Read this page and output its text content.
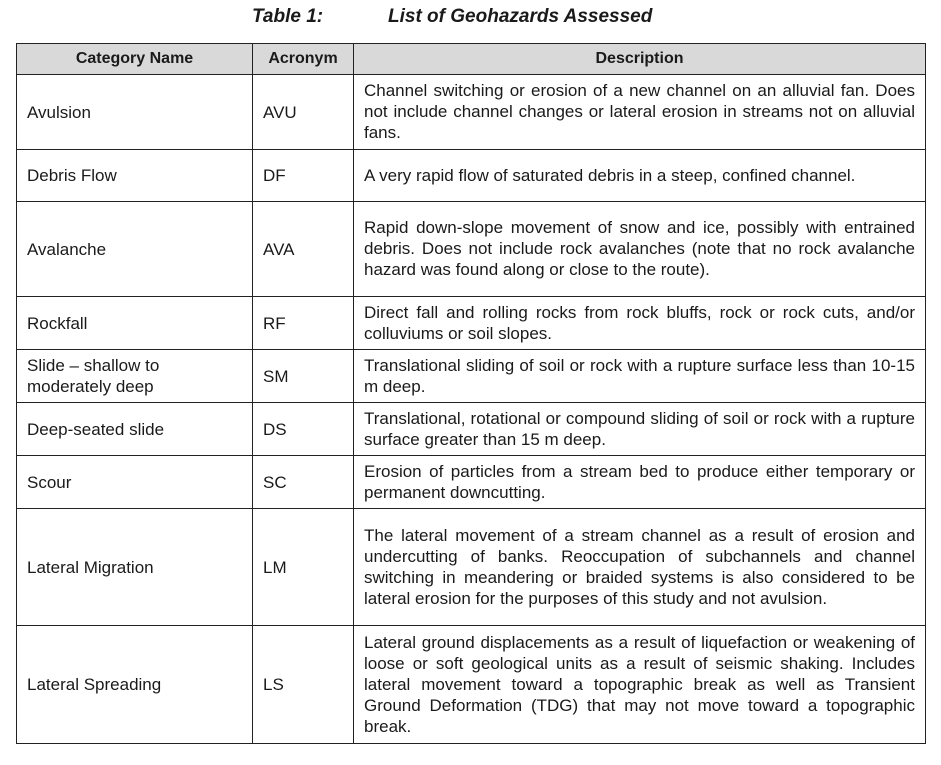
Table 1:	List of Geohazards Assessed
Category Name	Acronym	Description
Avulsion	AVU	Channel switching or erosion of a new channel on an alluvial fan. Does not include channel changes or lateral erosion in streams not on alluvial fans.
Debris Flow	DF	A very rapid flow of saturated debris in a steep, confined channel.
Avalanche	AVA	Rapid down-slope movement of snow and ice, possibly with entrained debris. Does not include rock avalanches (note that no rock avalanche hazard was found along or close to the route).
Rockfall	RF	Direct fall and rolling rocks from rock bluffs, rock or rock cuts, and/or colluviums or soil slopes.
Slide – shallow to moderately deep	SM	Translational sliding of soil or rock with a rupture surface less than 10-15 m deep.
Deep-seated slide	DS	Translational, rotational or compound sliding of soil or rock with a rupture surface greater than 15 m deep.
Scour	SC	Erosion of particles from a stream bed to produce either temporary or permanent downcutting.
Lateral Migration	LM	The lateral movement of a stream channel as a result of erosion and undercutting of banks. Reoccupation of subchannels and channel switching in meandering or braided systems is also considered to be lateral erosion for the purposes of this study and not avulsion.
Lateral Spreading	LS	Lateral ground displacements as a result of liquefaction or weakening of loose or soft geological units as a result of seismic shaking. Includes lateral movement toward a topographic break as well as Transient Ground Deformation (TDG) that may not move toward a topographic break.
